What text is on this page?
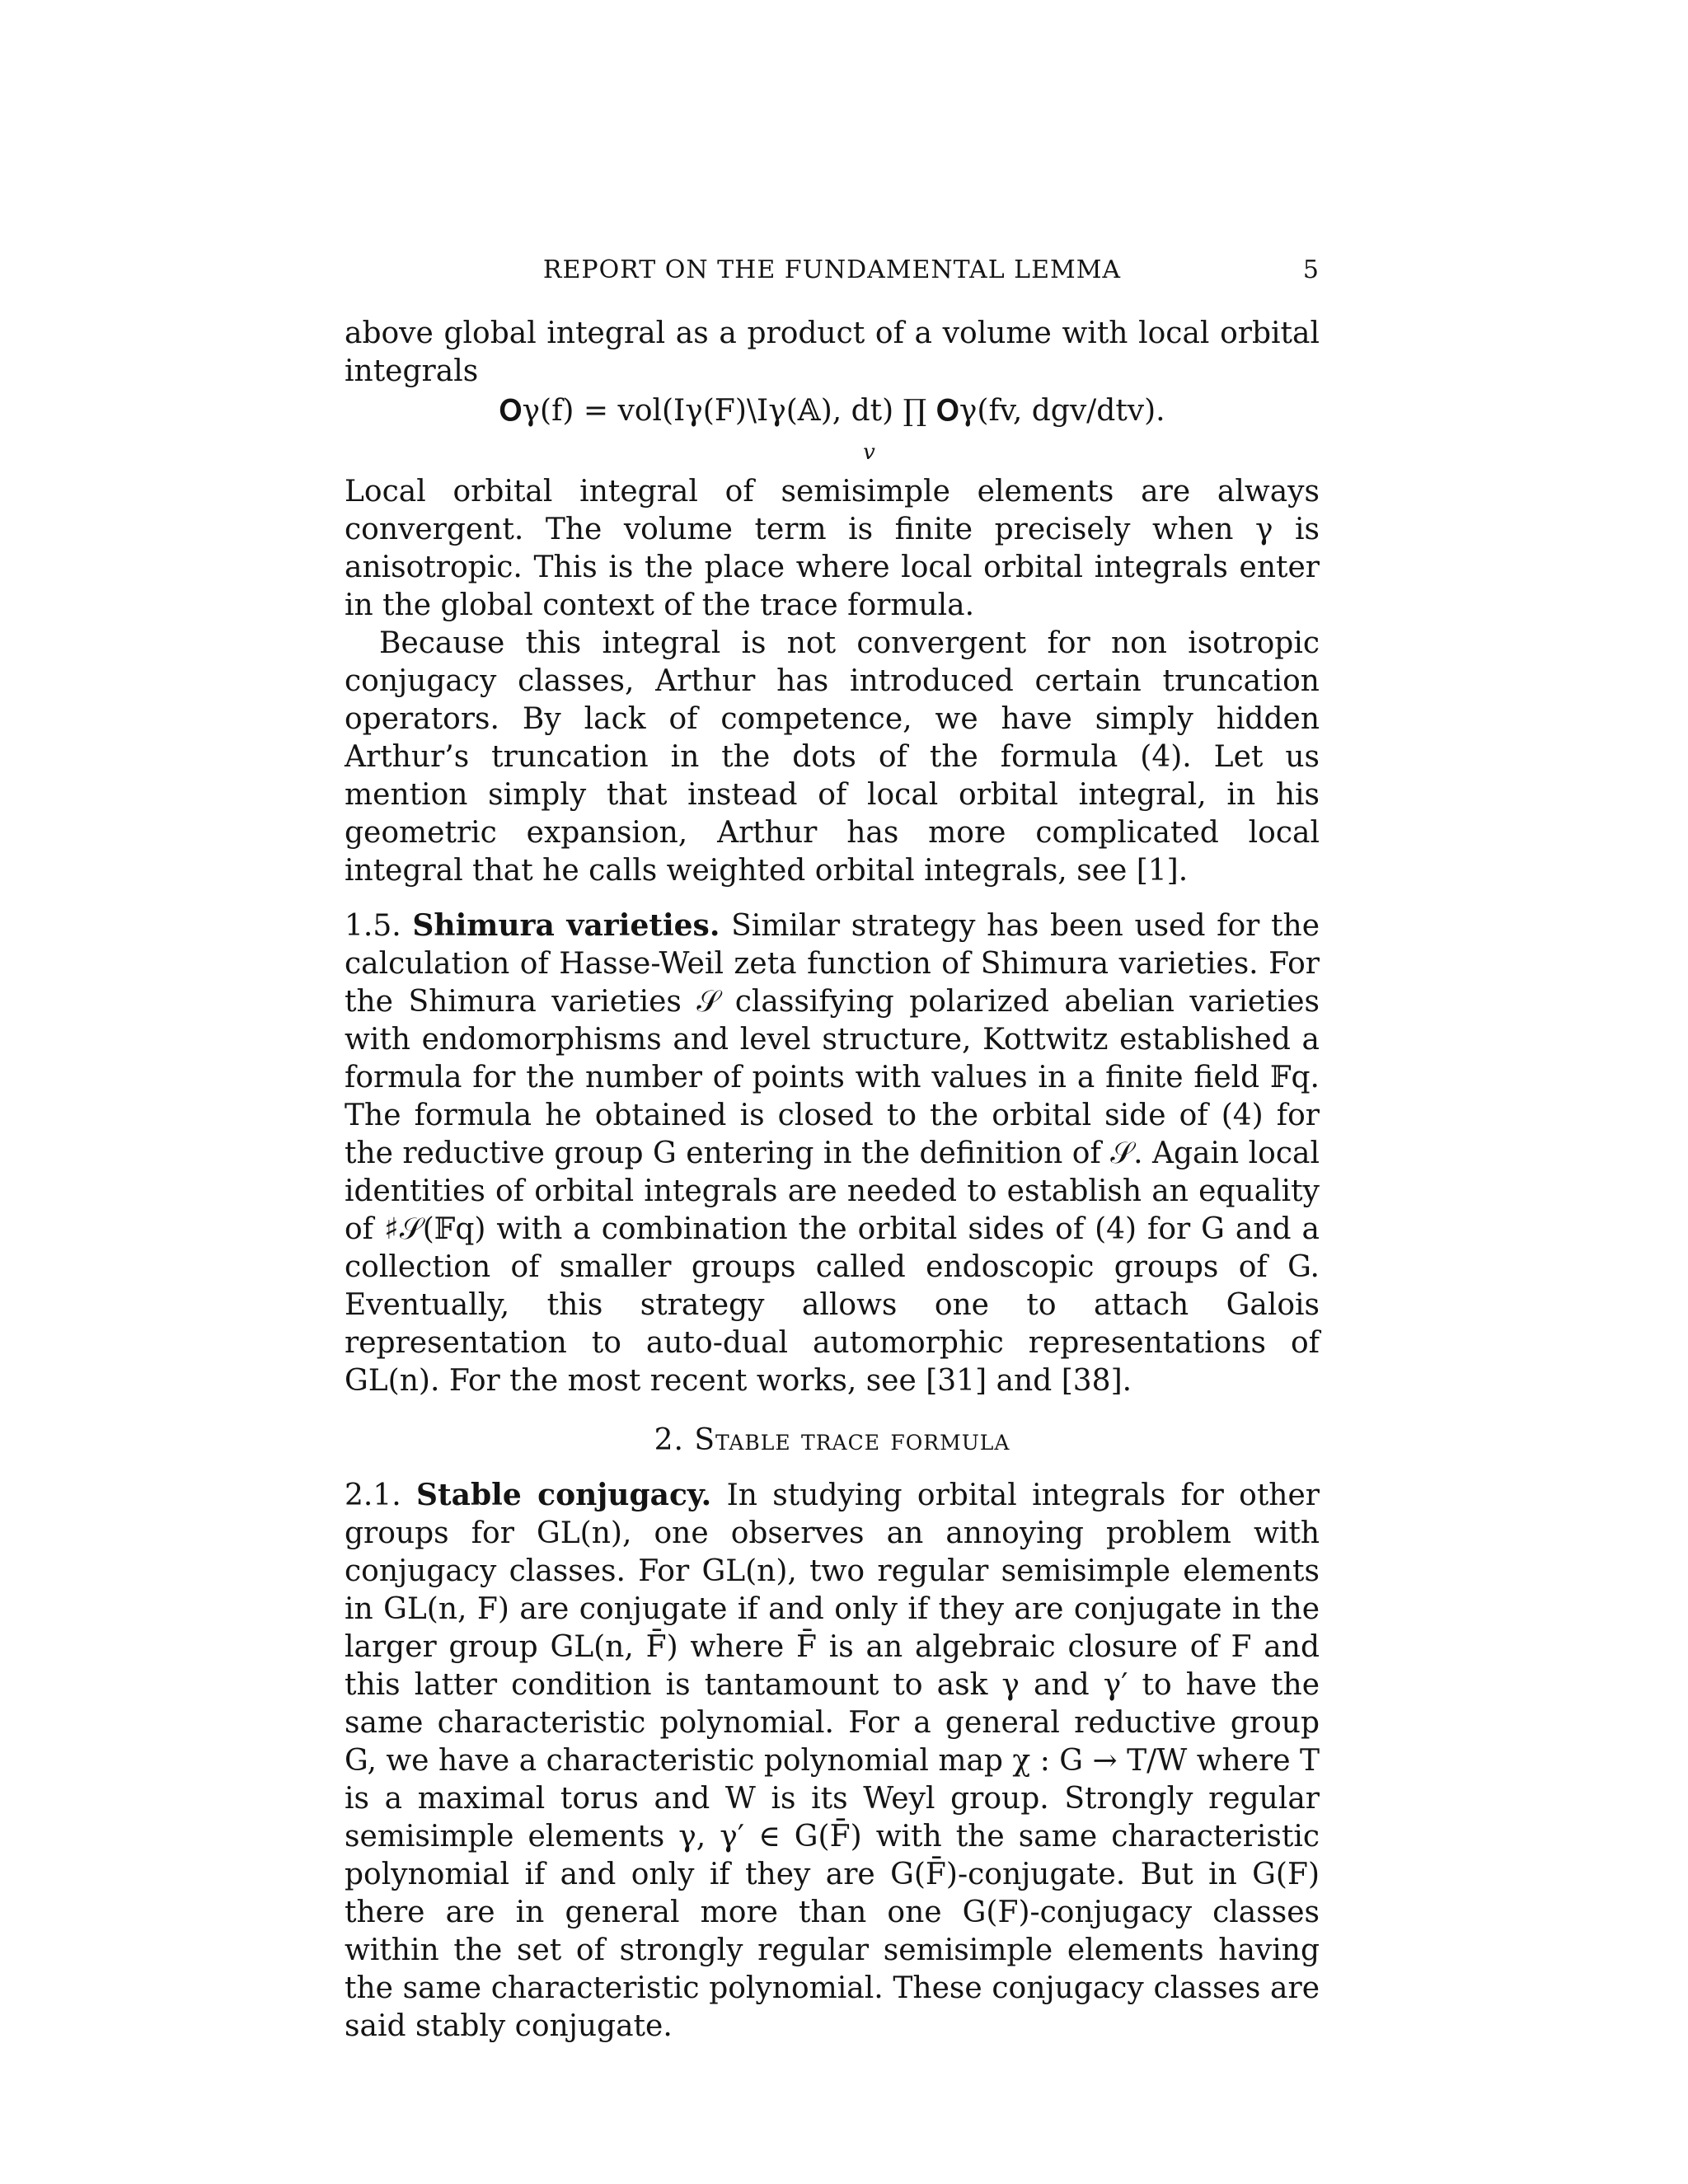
REPORT ON THE FUNDAMENTAL LEMMA	5

above global integral as a product of a volume with local orbital integrals

𝐎γ(f) = vol(Iγ(F)\Iγ(𝔸), dt) ∏ 𝐎γ(fv, dgv/dtv).
v

Local orbital integral of semisimple elements are always convergent. The volume term is finite precisely when γ is anisotropic. This is the place where local orbital integrals enter in the global context of the trace formula.

Because this integral is not convergent for non isotropic conjugacy classes, Arthur has introduced certain truncation operators. By lack of competence, we have simply hidden Arthur’s truncation in the dots of the formula (4). Let us mention simply that instead of local orbital integral, in his geometric expansion, Arthur has more complicated local integral that he calls weighted orbital integrals, see [1].

1.5. Shimura varieties. Similar strategy has been used for the calculation of Hasse-Weil zeta function of Shimura varieties. For the Shimura varieties 𝒮 classifying polarized abelian varieties with endomorphisms and level structure, Kottwitz established a formula for the number of points with values in a finite field 𝔽q. The formula he obtained is closed to the orbital side of (4) for the reductive group G entering in the definition of 𝒮. Again local identities of orbital integrals are needed to establish an equality of ♯𝒮(𝔽q) with a combination the orbital sides of (4) for G and a collection of smaller groups called endoscopic groups of G. Eventually, this strategy allows one to attach Galois representation to auto-dual automorphic representations of GL(n). For the most recent works, see [31] and [38].

2. Stable trace formula

2.1. Stable conjugacy. In studying orbital integrals for other groups for GL(n), one observes an annoying problem with conjugacy classes. For GL(n), two regular semisimple elements in GL(n, F) are conjugate if and only if they are conjugate in the larger group GL(n, F̄) where F̄ is an algebraic closure of F and this latter condition is tantamount to ask γ and γ′ to have the same characteristic polynomial. For a general reductive group G, we have a characteristic polynomial map χ : G → T/W where T is a maximal torus and W is its Weyl group. Strongly regular semisimple elements γ, γ′ ∈ G(F̄) with the same characteristic polynomial if and only if they are G(F̄)-conjugate. But in G(F) there are in general more than one G(F)-conjugacy classes within the set of strongly regular semisimple elements having the same characteristic polynomial. These conjugacy classes are said stably conjugate.
